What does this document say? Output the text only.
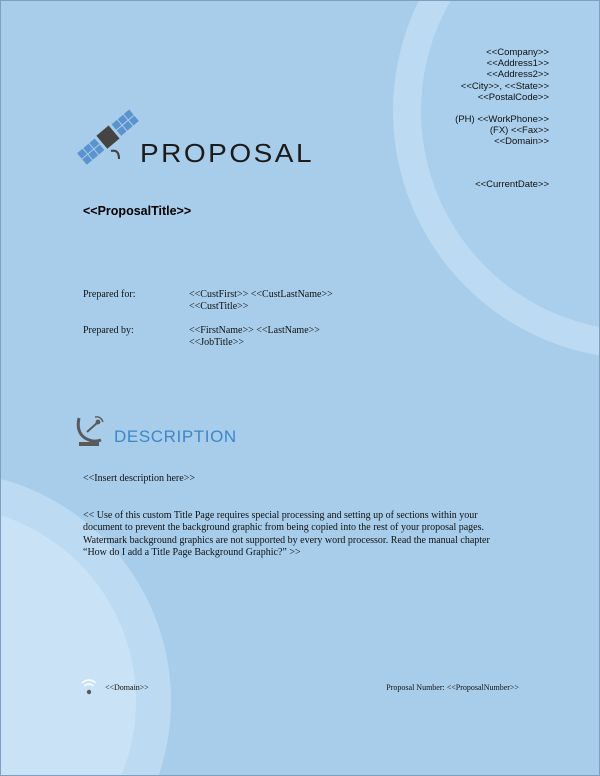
<<Company>>
<<Address1>>
<<Address2>>
<<City>>, <<State>>
<<PostalCode>>
(PH) <<WorkPhone>>
(FX) <<Fax>>
<<Domain>>
<<CurrentDate>>
PROPOSAL
<<ProposalTitle>>
Prepared for:	<<CustFirst>> <<CustLastName>>
<<CustTitle>>
Prepared by:	<<FirstName>> <<LastName>>
<<JobTitle>>
DESCRIPTION
<<Insert description here>>
<< Use of this custom Title Page requires special processing and setting up of sections within your document to prevent the background graphic from being copied into the rest of your proposal pages. Watermark background graphics are not supported by every word processor. Read the manual chapter “How do I add a Title Page Background Graphic?” >>
<<Domain>>	Proposal Number: <<ProposalNumber>>
